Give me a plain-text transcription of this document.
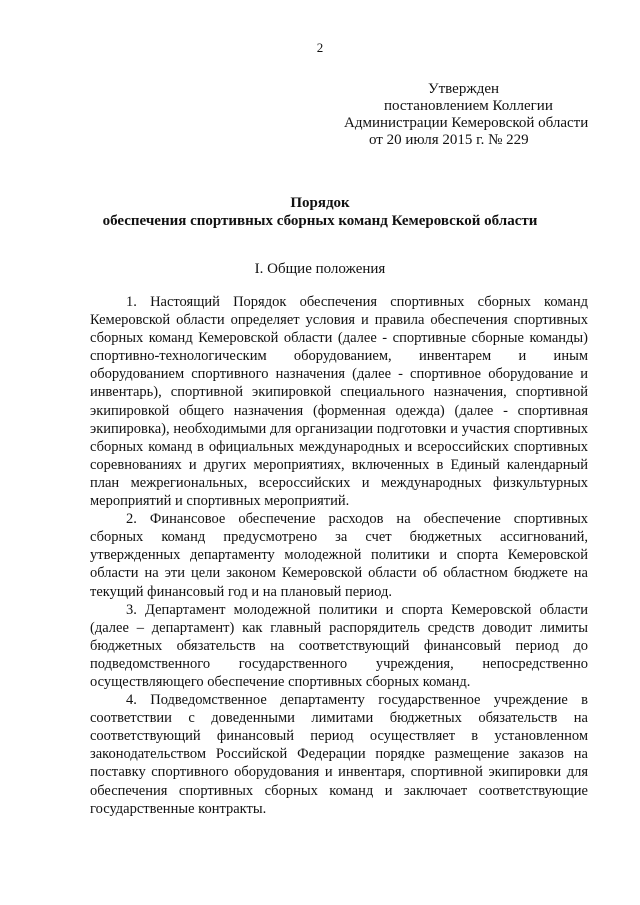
2
Утвержден
постановлением Коллегии
Администрации Кемеровской области
от 20 июля 2015 г. № 229
Порядок
обеспечения спортивных сборных команд Кемеровской области
I. Общие положения

1. Настоящий Порядок обеспечения спортивных сборных команд Кемеровской области определяет условия и правила обеспечения спортивных сборных команд Кемеровской области (далее - спортивные сборные команды) спортивно-технологическим оборудованием, инвентарем и иным оборудованием спортивного назначения (далее - спортивное оборудование и инвентарь), спортивной экипировкой специального назначения, спортивной экипировкой общего назначения (форменная одежда) (далее - спортивная экипировка), необходимыми для организации подготовки и участия спортивных сборных команд в официальных международных и всероссийских спортивных соревнованиях и других мероприятиях, включенных в Единый календарный план межрегиональных, всероссийских и международных физкультурных мероприятий и спортивных мероприятий.

2. Финансовое обеспечение расходов на обеспечение спортивных сборных команд предусмотрено за счет бюджетных ассигнований, утвержденных департаменту молодежной политики и спорта Кемеровской области на эти цели законом Кемеровской области об областном бюджете на текущий финансовый год и на плановый период.

3. Департамент молодежной политики и спорта Кемеровской области (далее – департамент) как главный распорядитель средств доводит лимиты бюджетных обязательств на соответствующий финансовый период до подведомственного государственного учреждения, непосредственно осуществляющего обеспечение спортивных сборных команд.

4. Подведомственное департаменту государственное учреждение в соответствии с доведенными лимитами бюджетных обязательств на соответствующий финансовый период осуществляет в установленном законодательством Российской Федерации порядке размещение заказов на поставку спортивного оборудования и инвентаря, спортивной экипировки для обеспечения спортивных сборных команд и заключает соответствующие государственные контракты.
